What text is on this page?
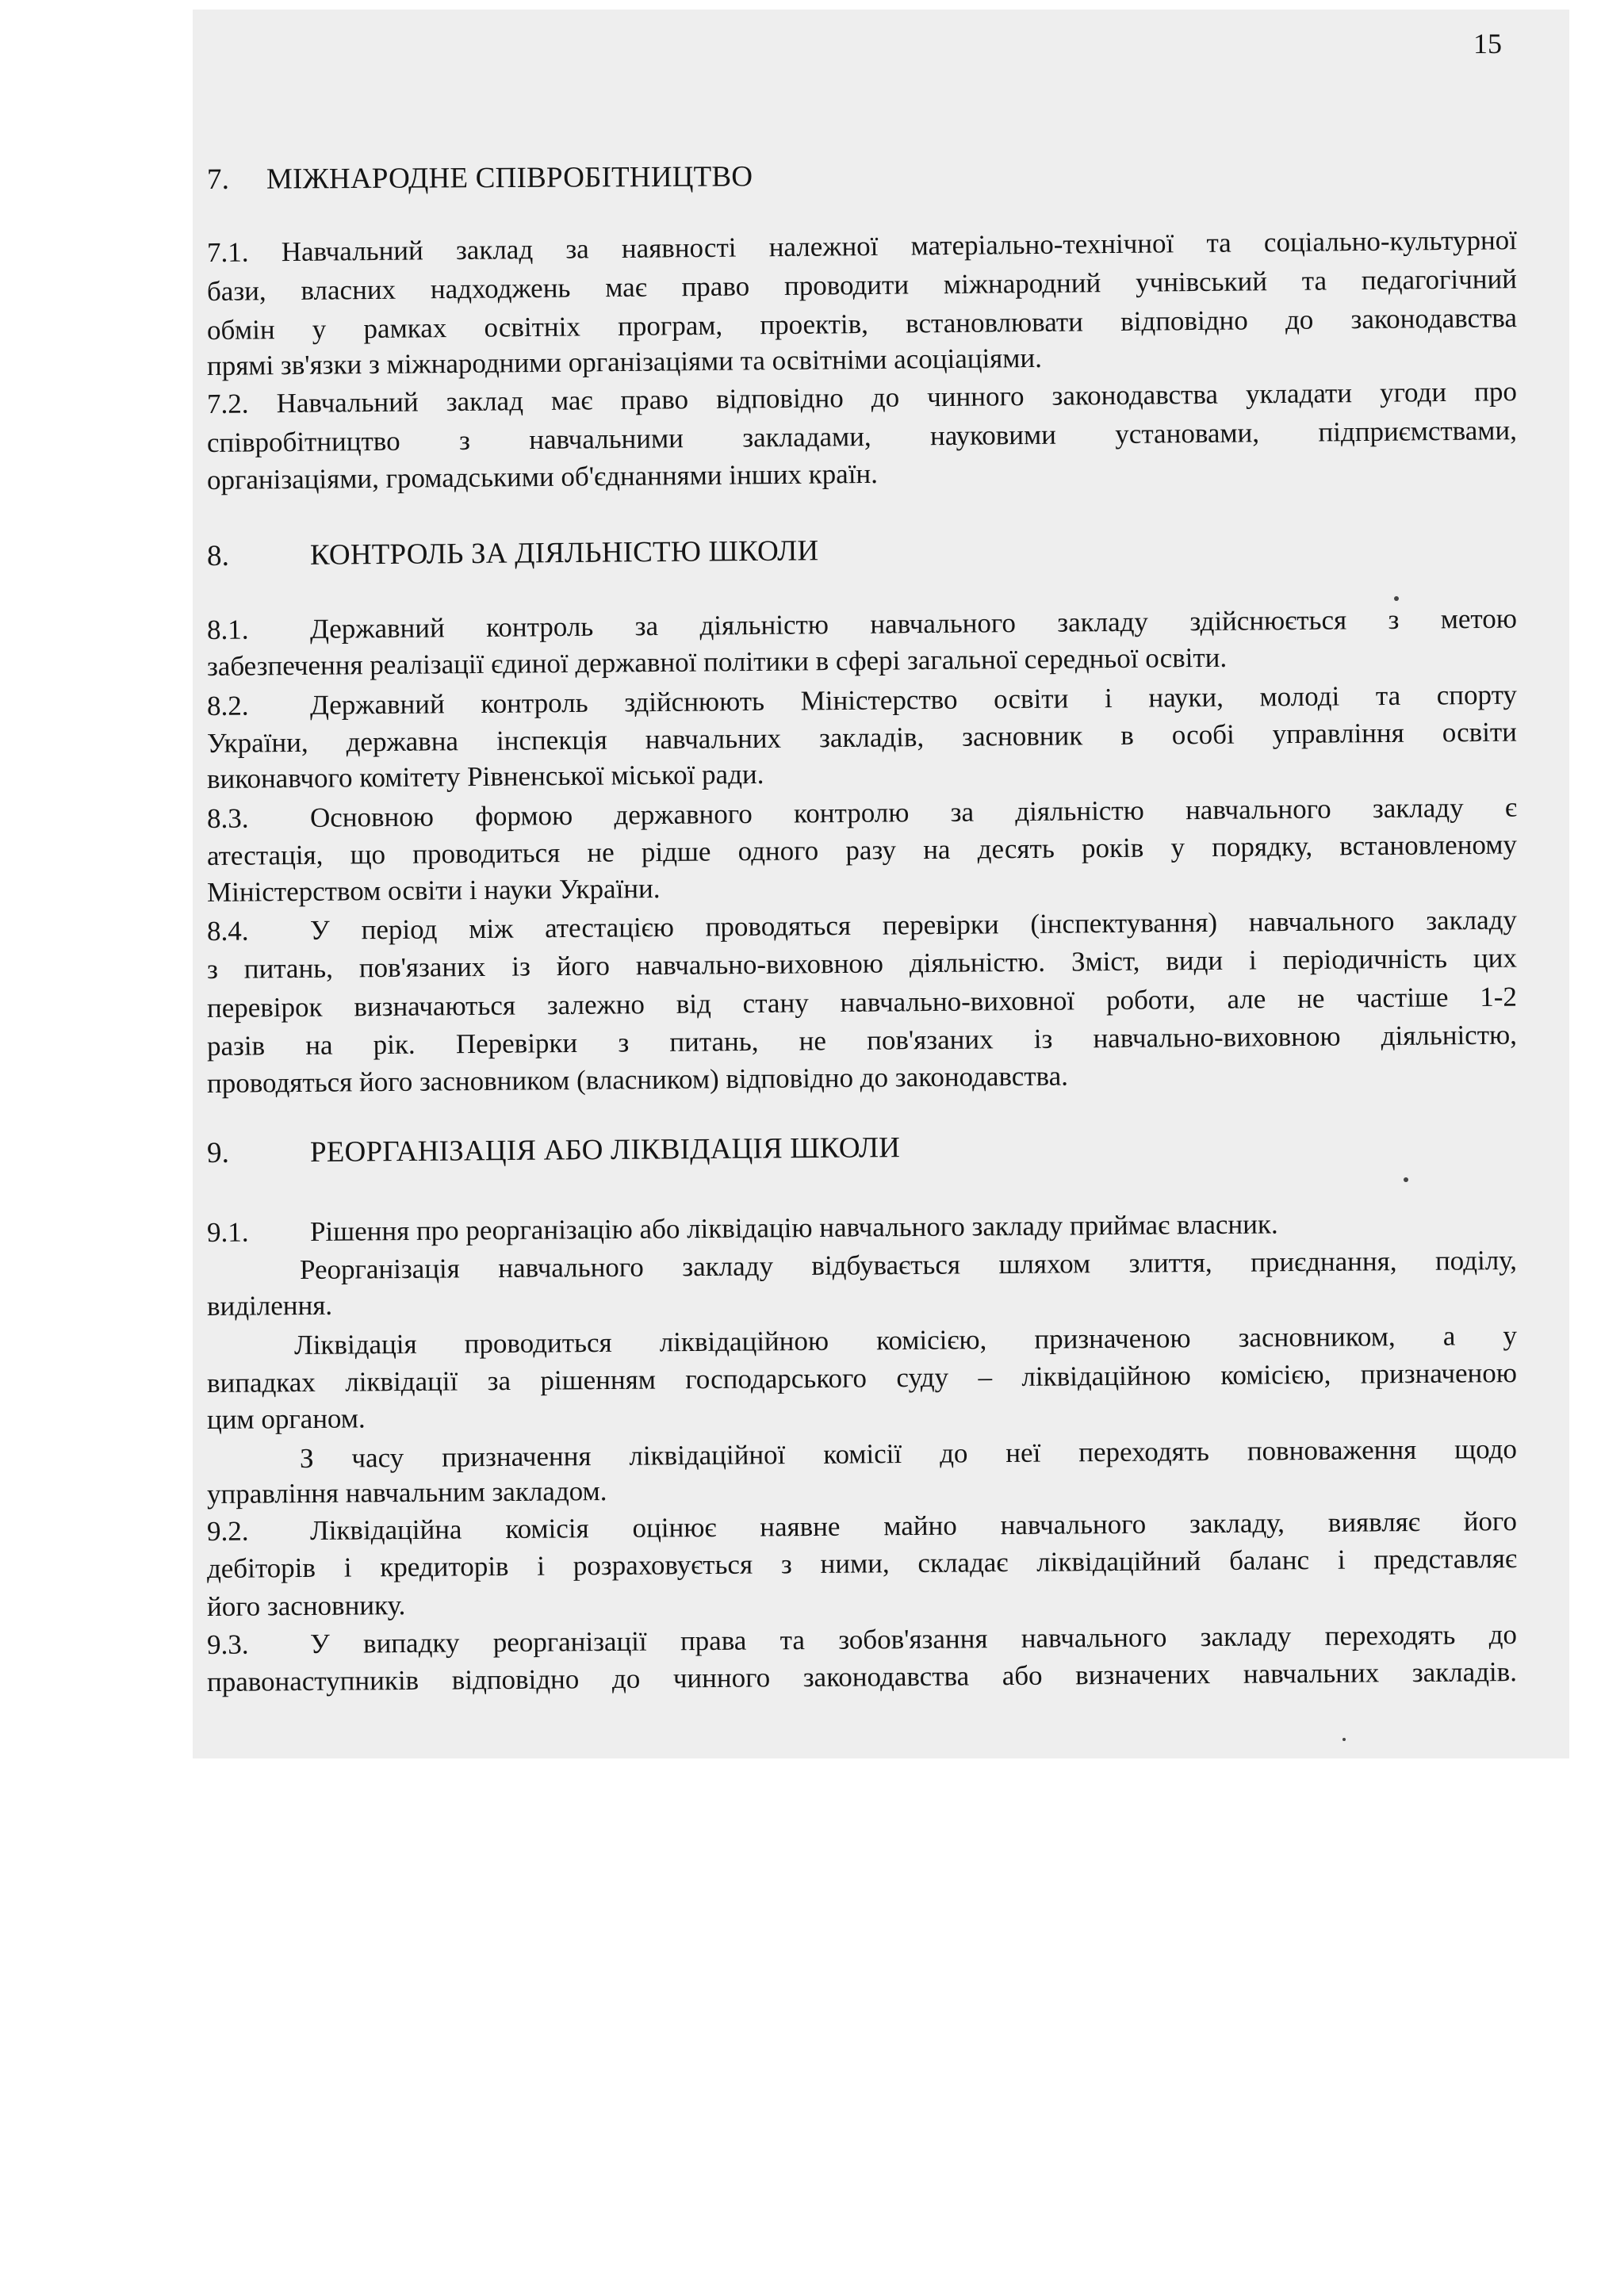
15
7. МІЖНАРОДНЕ СПІВРОБІТНИЦТВО
7.1. Навчальний заклад за наявності належної матеріально-технічної та соціально-культурної
бази, власних надходжень має право проводити міжнародний учнівський та педагогічний
обмін у рамках освітніх програм, проектів, встановлювати відповідно до законодавства
прямі зв'язки з міжнародними організаціями та освітніми асоціаціями.
7.2. Навчальний заклад має право відповідно до чинного законодавства укладати угоди про
співробітництво з навчальними закладами, науковими установами, підприємствами,
організаціями, громадськими об'єднаннями інших країн.
8.	КОНТРОЛЬ ЗА ДІЯЛЬНІСТЮ ШКОЛИ
8.1. Державний контроль за діяльністю навчального закладу здійснюється з метою
забезпечення реалізації єдиної державної політики в сфері загальної середньої освіти.
8.2. Державний контроль здійснюють Міністерство освіти і науки, молоді та спорту
України, державна інспекція навчальних закладів, засновник в особі управління освіти
виконавчого комітету Рівненської міської ради.
8.3. Основною формою державного контролю за діяльністю навчального закладу є
атестація, що проводиться не рідше одного разу на десять років у порядку, встановленому
Міністерством освіти і науки України.
8.4. У період між атестацією проводяться перевірки (інспектування) навчального закладу
з питань, пов'язаних із його навчально-виховною діяльністю. Зміст, види і періодичність цих
перевірок визначаються залежно від стану навчально-виховної роботи, але не частіше 1-2
разів на рік. Перевірки з питань, не пов'язаних із навчально-виховною діяльністю,
проводяться його засновником (власником) відповідно до законодавства.
9.	РЕОРГАНІЗАЦІЯ АБО ЛІКВІДАЦІЯ ШКОЛИ
9.1. Рішення про реорганізацію або ліквідацію навчального закладу приймає власник.
Реорганізація навчального закладу відбувається шляхом злиття, приєднання, поділу,
виділення.
Ліквідація проводиться ліквідаційною комісією, призначеною засновником, а у
випадках ліквідації за рішенням господарського суду – ліквідаційною комісією, призначеною
цим органом.
З часу призначення ліквідаційної комісії до неї переходять повноваження щодо
управління навчальним закладом.
9.2. Ліквідаційна комісія оцінює наявне майно навчального закладу, виявляє його
дебіторів і кредиторів і розраховується з ними, складає ліквідаційний баланс і представляє
його засновнику.
9.3. У випадку реорганізації права та зобов'язання навчального закладу переходять до
правонаступників відповідно до чинного законодавства або визначених навчальних закладів.
